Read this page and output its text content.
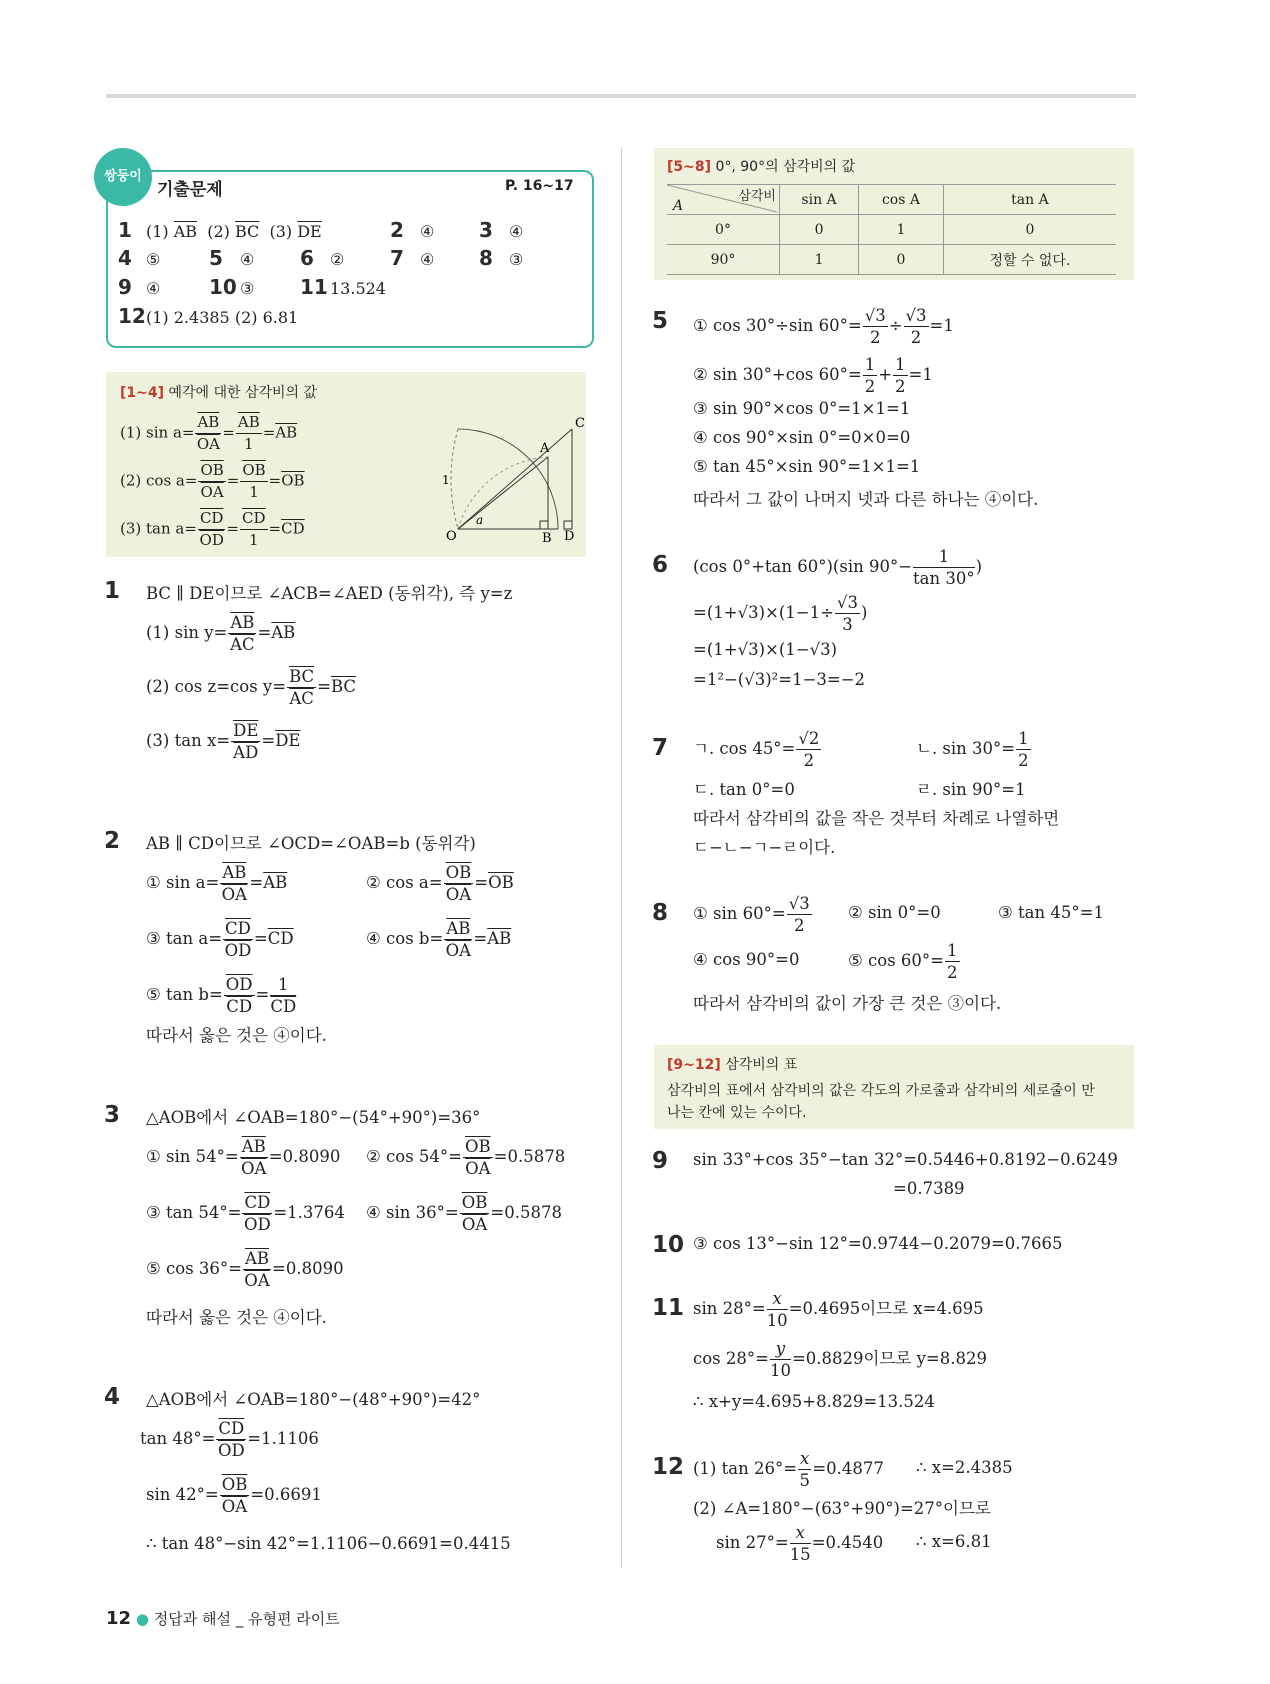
쌍둥이
기출문제	P. 16~17
1 (1) $\overline{AB}$  (2) $\overline{BC}$  (3) $\overline{DE}$	2 ④ 3 ④
4 ⑤ 5 ④ 6 ② 7 ④ 8 ③
9 ④ 10 ③ 11 13.524
12 (1) 2.4385 (2) 6.81
[1~4] 예각에 대한 삼각비의 값
(1) $\sin a= \frac{\overline{AB}}{OA} = \frac{\overline{AB}}{1} =\overline{AB}$
(2) $\cos a= \frac{\overline{OB}}{OA} = \frac{\overline{OB}}{1} =\overline{OB}$
(3) $\tan a= \frac{\overline{CD}}{OD} = \frac{\overline{CD}}{1} =\overline{CD}$
C
A
1
O
a
B D
1 BC ∥ DE이므로 ∠ACB=∠AED (동위각), 즉 y=z
(1) $\sin y= \frac{\overline{AB}}{AC} =\overline{AB}$
(2) cos z=cos $y= \frac{\overline{BC}}{AC} =\overline{BC}$
(3) $\tan x= \frac{\overline{DE}}{AD} =\overline{DE}$
2 AB ∥ CD이므로 ∠OCD=∠OAB=b (동위각)
① $\sin a= \frac{\overline{AB}}{OA} =\overline{AB}$	② $\cos a= \frac{\overline{OB}}{OA} =\overline{OB}$
③ $\tan a= \frac{\overline{CD}}{OD} =\overline{CD}$	④ $\cos b= \frac{\overline{AB}}{OA} =\overline{AB}$
⑤ $\tan b= \frac{\overline{OD}}{CD} = \frac{1}{CD}$
따라서 옳은 것은 ④이다.
3 △AOB에서 ∠OAB=180°−(54°+90°)=36°
① $\sin 54^\circ= \frac{\overline{AB}}{OA} =0.8090$ ② $\cos 54^\circ= \frac{\overline{OB}}{OA} =0.5878$
③ $\tan 54^\circ= \frac{\overline{CD}}{OD} =1.3764$ ④ $\sin 36^\circ= \frac{\overline{OB}}{OA} =0.5878$
⑤ $\cos 36^\circ= \frac{\overline{AB}}{OA} =0.8090$
따라서 옳은 것은 ④이다.
4 △AOB에서 ∠OAB=180°−(48°+90°)=42°
$\tan 48^\circ= \frac{\overline{CD}}{OD} =1.1106$
$\sin 42^\circ= \frac{\overline{OB}}{OA} =0.6691$
∴ tan 48°−sin 42°=1.1106−0.6691=0.4415
[5~8] 0°, 90°의 삼각비의 값
삼각비
A	sin A	cos A	tan A
0°	0	1	0
90°	1	0	정할 수 없다.
5 ① cos 30°÷sin $60^\circ= \frac{√3}{2} \div \frac{√3}{2} =1$
② sin 30°+cos $60^\circ= \frac{1}{2} + \frac{1}{2} =1$
③ sin 90°×cos 0°=1×1=1
④ cos 90°×sin 0°=0×0=0
⑤ tan 45°×sin 90°=1×1=1
따라서 그 값이 나머지 넷과 다른 하나는 ④이다.
6 (cos 0°+tan 60°)(sin $90^\circ- \frac{1}{\tan 30^\circ}$ )
$=(1+√3)\times(1-1\div \frac{√3}{3}$ )
=(1+√3)×(1−√3)
=1²−(√3)²=1−3=−2
7 ㄱ. $\cos 45^\circ= \frac{√2}{2}$	ㄴ. $\sin 30^\circ= \frac{1}{2}$
ㄷ. tan 0°=0	ㄹ. sin 90°=1
따라서 삼각비의 값을 작은 것부터 차례로 나열하면
ㄷ−ㄴ−ㄱ−ㄹ이다.
8 ① $\sin 60^\circ= \frac{√3}{2}$ ② sin 0°=0	③ tan 45°=1
④ cos 90°=0	⑤ $\cos 60^\circ= \frac{1}{2}$
따라서 삼각비의 값이 가장 큰 것은 ③이다.
[9~12] 삼각비의 표
삼각비의 표에서 삼각비의 값은 각도의 가로줄과 삼각비의 세로줄이 만
나는 칸에 있는 수이다.
9 sin 33°+cos 35°−tan 32°=0.5446+0.8192−0.6249
=0.7389
10 ③ cos 13°−sin 12°=0.9744−0.2079=0.7665
11 $\sin 28^\circ= \frac{x}{10} =0.4695$이므로 x=4.695
$\cos 28^\circ= \frac{y}{10} =0.8829$이므로 y=8.829
∴ x+y=4.695+8.829=13.524
12 (1) $\tan 26^\circ= \frac{x}{5} =0.4877$ ∴ x=2.4385
(2) ∠A=180°−(63°+90°)=27°이므로
$\sin 27^\circ= \frac{x}{15} =0.4540$ ∴ x=6.81
12 ● 정답과 해설 _ 유형편 라이트
